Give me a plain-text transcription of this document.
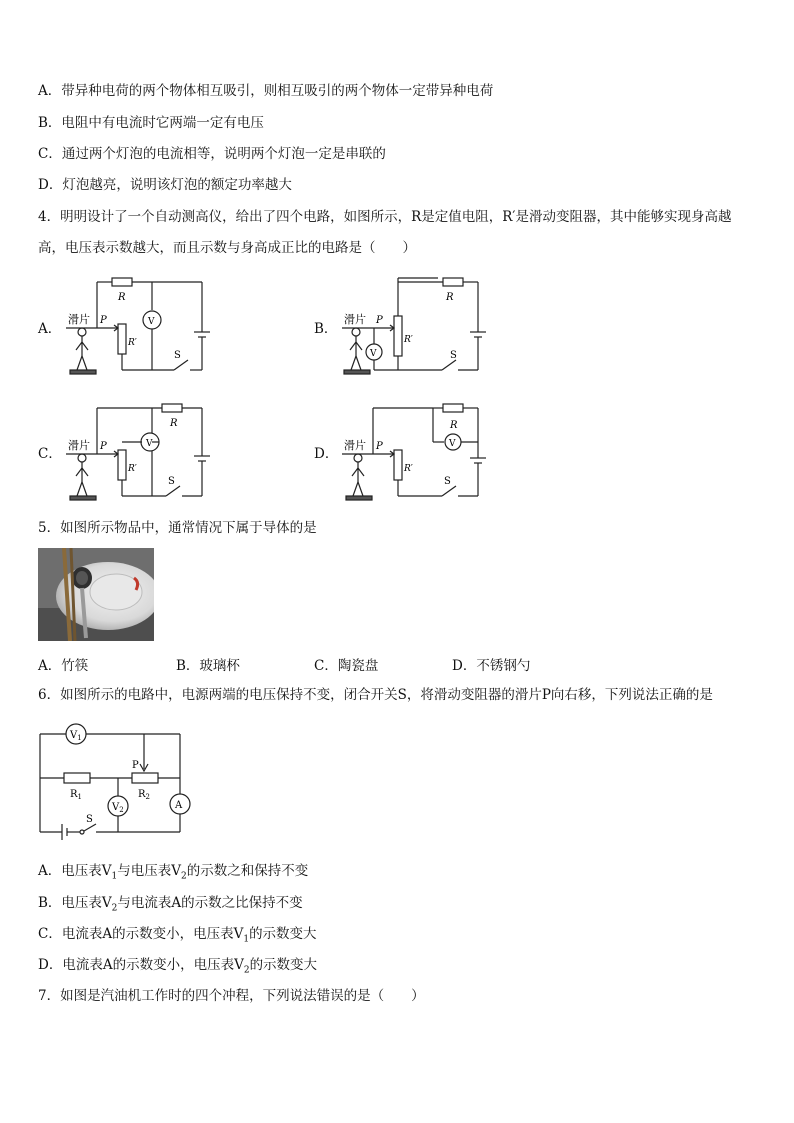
A．带异种电荷的两个物体相互吸引，则相互吸引的两个物体一定带异种电荷
B．电阻中有电流时它两端一定有电压
C．通过两个灯泡的电流相等，说明两个灯泡一定是串联的
D．灯泡越亮，说明该灯泡的额定功率越大
4．明明设计了一个自动测高仪，给出了四个电路，如图所示，R是定值电阻，R′是滑动变阻器，其中能够实现身高越
高，电压表示数越大，而且示数与身高成正比的电路是（　　）
A．	B．
C．	D．
滑片 P
R
R′
V
S
滑片 P
R
R′
V	S
滑片 P
R
R′
V
S
滑片 P
R
R′
V
S
5．如图所示物品中，通常情况下属于导体的是
A．竹筷	B．玻璃杯	C．陶瓷盘	D．不锈钢勺
6．如图所示的电路中，电源两端的电压保持不变，闭合开关S，将滑动变阻器的滑片P向右移，下列说法正确的是
$V_1$
A
P
$R_1$	$R_2$
$V_2$
S
A．电压表$V_1$与电压表$V_2$的示数之和保持不变
B．电压表$V_2$与电流表A的示数之比保持不变
C．电流表A的示数变小，电压表$V_1$的示数变大
D．电流表A的示数变小，电压表$V_2$的示数变大
7．如图是汽油机工作时的四个冲程，下列说法错误的是（　　）
